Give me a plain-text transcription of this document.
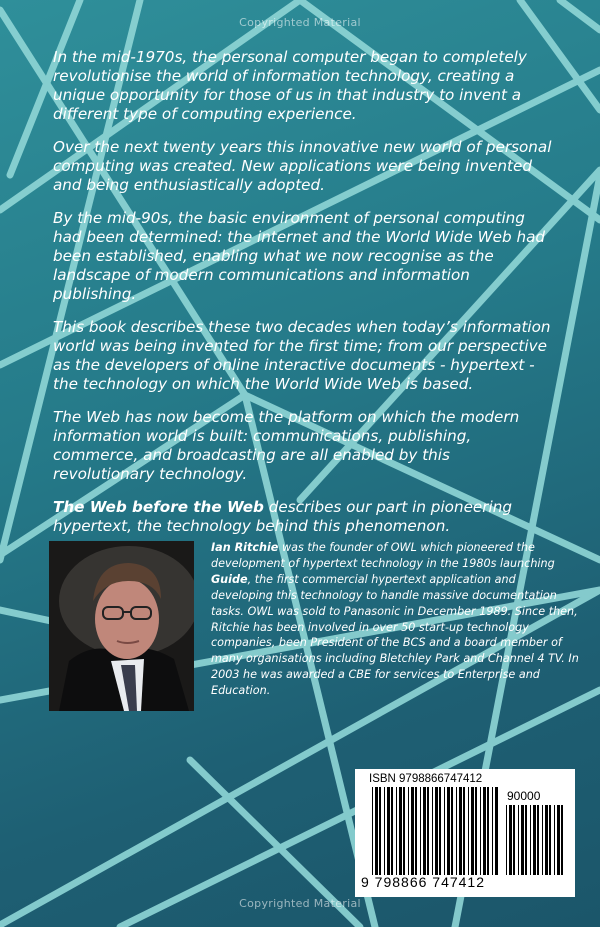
Copyrighted Material

In the mid-1970s, the personal computer began to completely revolutionise the world of information technology, creating a unique opportunity for those of us in that industry to invent a different type of computing experience.

Over the next twenty years this innovative new world of personal computing was created. New applications were being invented and being enthusiastically adopted.

By the mid-90s, the basic environment of personal computing had been determined: the internet and the World Wide Web had been established, enabling what we now recognise as the landscape of modern communications and information publishing.

This book describes these two decades when today’s information world was being invented for the first time; from our perspective as the developers of online interactive documents - hypertext - the technology on which the World Wide Web is based.

The Web has now become the platform on which the modern information world is built: communications, publishing, commerce, and broadcasting are all enabled by this revolutionary technology.

The Web before the Web describes our part in pioneering hypertext, the technology behind this phenomenon.

Ian Ritchie was the founder of OWL which pioneered the development of hypertext technology in the 1980s launching Guide, the first commercial hypertext application and developing this technology to handle massive documentation tasks. OWL was sold to Panasonic in December 1989. Since then, Ritchie has been involved in over 50 start-up technology companies, been President of the BCS and a board member of many organisations including Bletchley Park and Channel 4 TV. In 2003 he was awarded a CBE for services to Enterprise and Education.

ISBN 9798866747412
90000
9 798866 747412
Copyrighted Material
